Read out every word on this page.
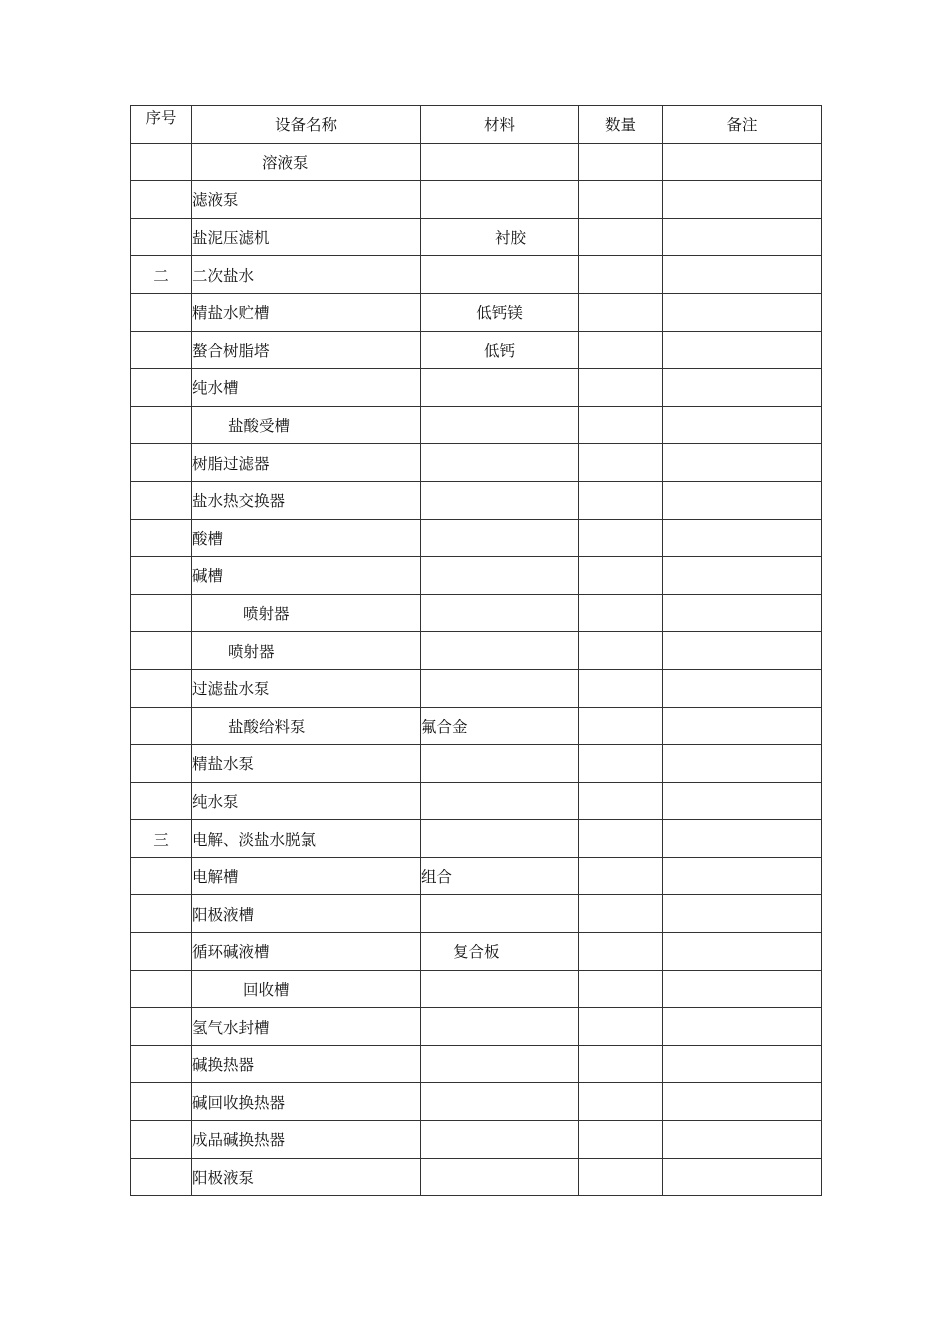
序号	设备名称	材料	数量	备注
	溶液泵			
	滤液泵			
	盐泥压滤机	衬胶		
二	二次盐水			
	精盐水贮槽	低钙镁		
	螯合树脂塔	低钙		
	纯水槽			
	盐酸受槽			
	树脂过滤器			
	盐水热交换器			
	酸槽			
	碱槽			
	喷射器			
	喷射器			
	过滤盐水泵			
	盐酸给料泵	氟合金		
	精盐水泵			
	纯水泵			
三	电解、淡盐水脱氯			
	电解槽	组合		
	阳极液槽			
	循环碱液槽	复合板		
	回收槽			
	氢气水封槽			
	碱换热器			
	碱回收换热器			
	成品碱换热器			
	阳极液泵			
